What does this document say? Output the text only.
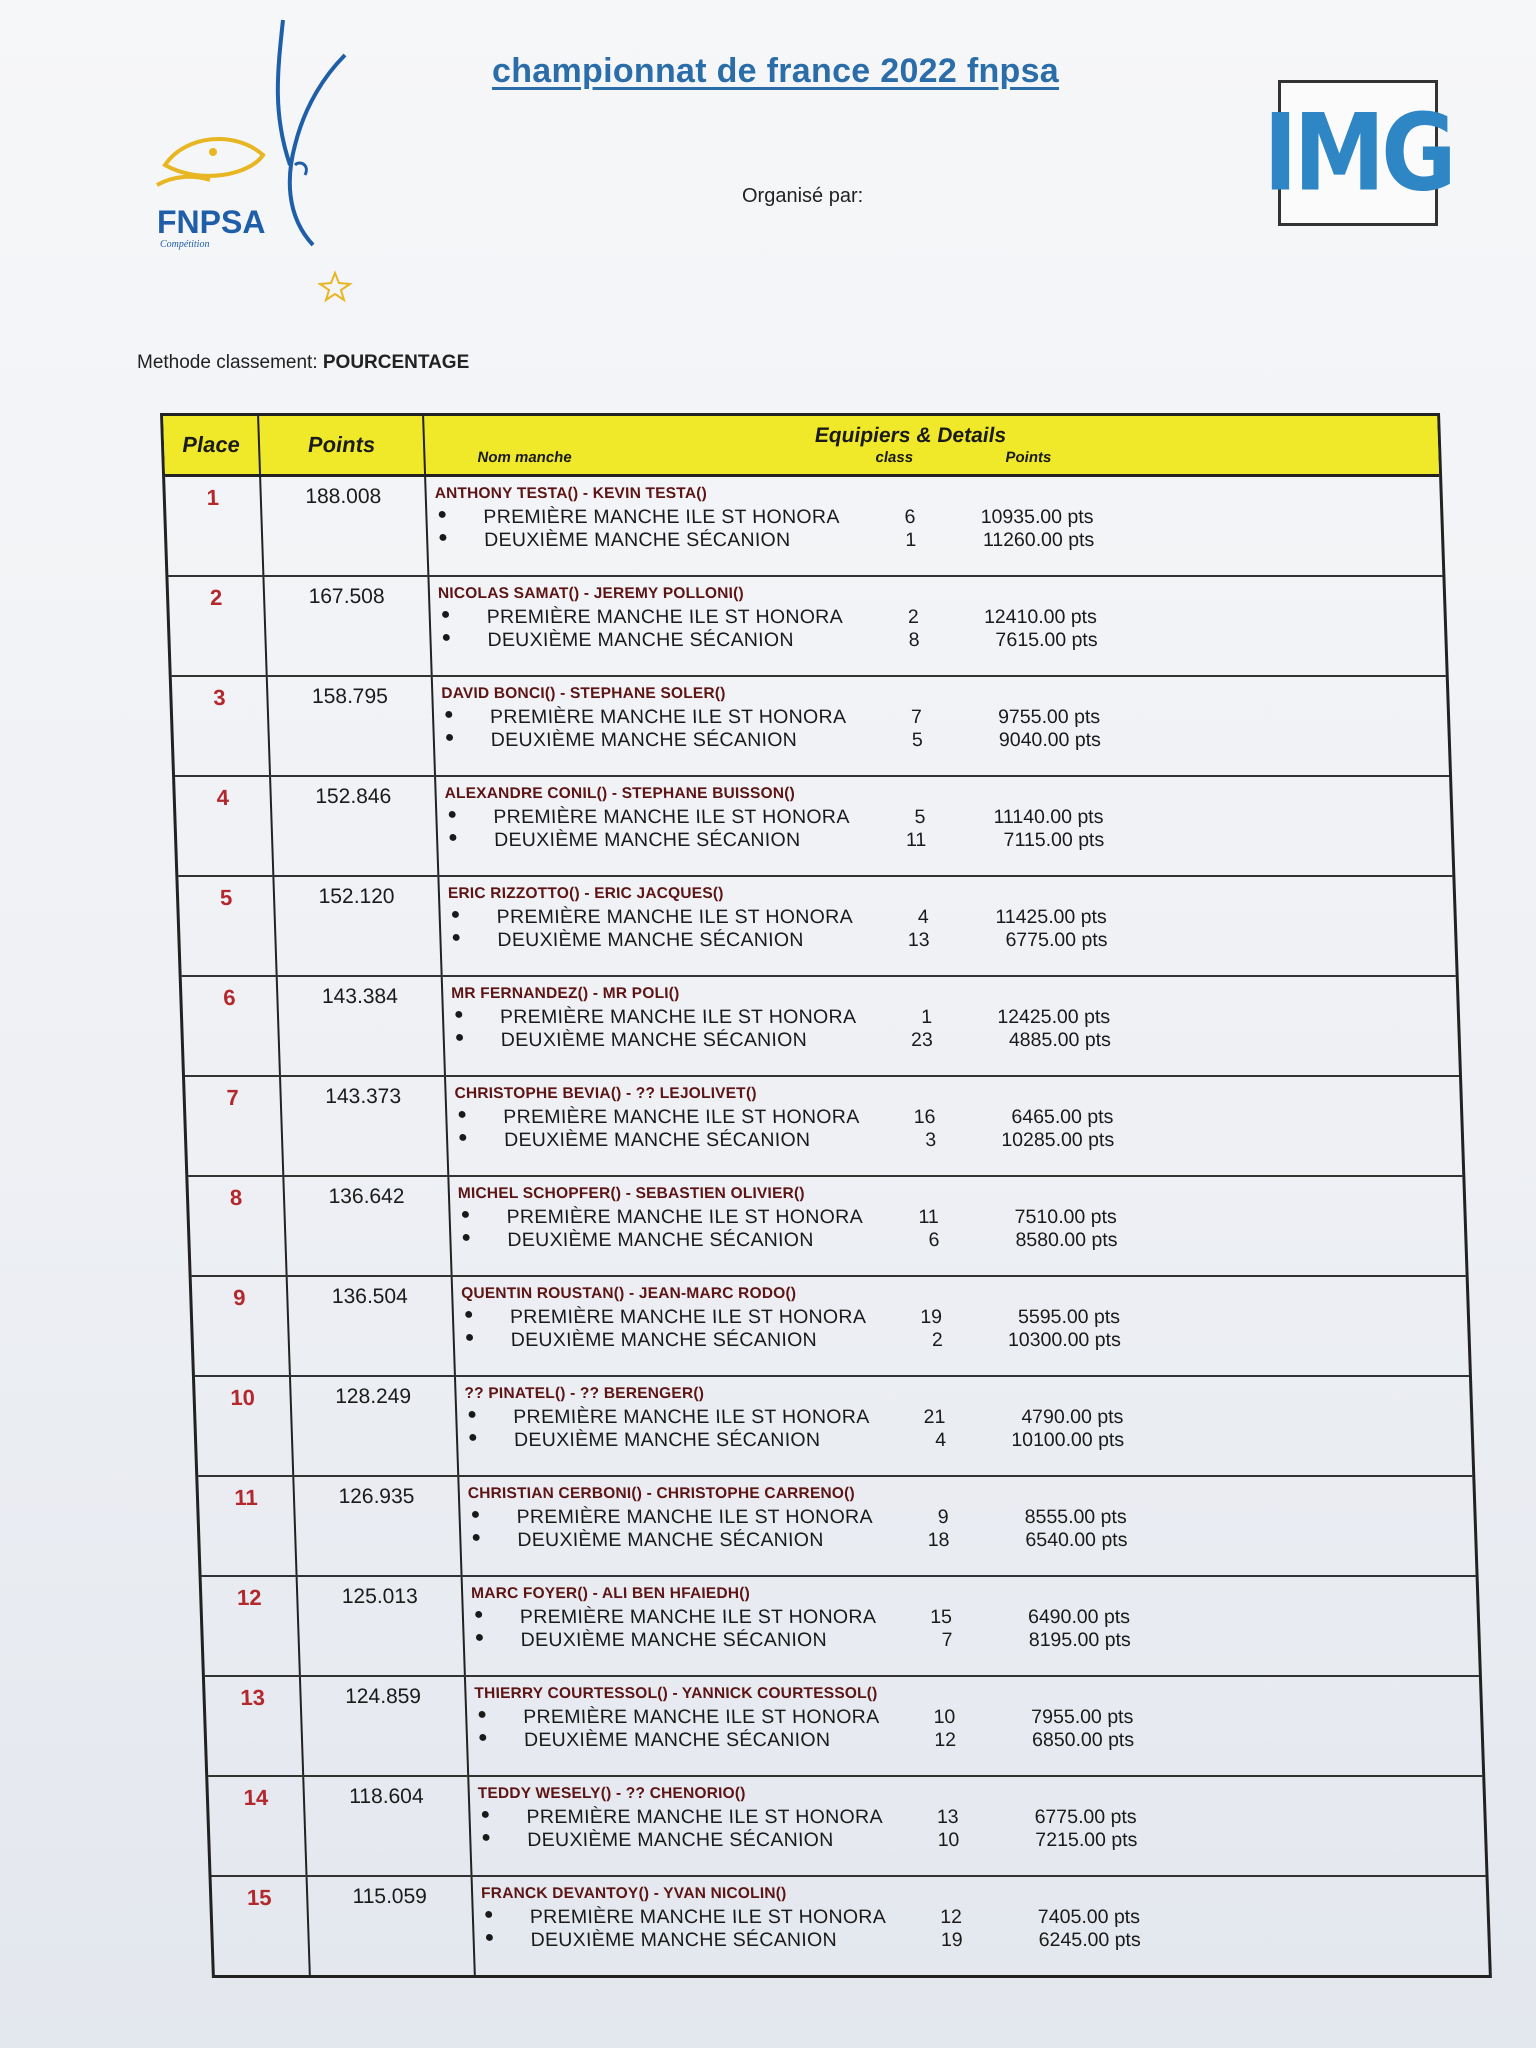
FNPSA
Compétition
championnat de france 2022 fnpsa
Organisé par:	IMG
Methode classement: POURCENTAGE
Place	Points	Equipiers & Details
Nom manche	class	Points
1	188.008	ANTHONY TESTA() - KEVIN TESTA()
● PREMIÈRE MANCHE ILE ST HONORA	6	10935.00 pts
● DEUXIÈME MANCHE SÉCANION	1	11260.00 pts
2	167.508	NICOLAS SAMAT() - JEREMY POLLONI()
● PREMIÈRE MANCHE ILE ST HONORA	2	12410.00 pts
● DEUXIÈME MANCHE SÉCANION	8	7615.00 pts
3	158.795	DAVID BONCI() - STEPHANE SOLER()
● PREMIÈRE MANCHE ILE ST HONORA	7	9755.00 pts
● DEUXIÈME MANCHE SÉCANION	5	9040.00 pts
4	152.846	ALEXANDRE CONIL() - STEPHANE BUISSON()
● PREMIÈRE MANCHE ILE ST HONORA	5	11140.00 pts
● DEUXIÈME MANCHE SÉCANION	11	7115.00 pts
5	152.120	ERIC RIZZOTTO() - ERIC JACQUES()
● PREMIÈRE MANCHE ILE ST HONORA	4	11425.00 pts
● DEUXIÈME MANCHE SÉCANION	13	6775.00 pts
6	143.384	MR FERNANDEZ() - MR POLI()
● PREMIÈRE MANCHE ILE ST HONORA	1	12425.00 pts
● DEUXIÈME MANCHE SÉCANION	23	4885.00 pts
7	143.373	CHRISTOPHE BEVIA() - ?? LEJOLIVET()
● PREMIÈRE MANCHE ILE ST HONORA	16	6465.00 pts
● DEUXIÈME MANCHE SÉCANION	3	10285.00 pts
8	136.642	MICHEL SCHOPFER() - SEBASTIEN OLIVIER()
● PREMIÈRE MANCHE ILE ST HONORA	11	7510.00 pts
● DEUXIÈME MANCHE SÉCANION	6	8580.00 pts
9	136.504	QUENTIN ROUSTAN() - JEAN-MARC RODO()
● PREMIÈRE MANCHE ILE ST HONORA	19	5595.00 pts
● DEUXIÈME MANCHE SÉCANION	2	10300.00 pts
10	128.249	?? PINATEL() - ?? BERENGER()
● PREMIÈRE MANCHE ILE ST HONORA	21	4790.00 pts
● DEUXIÈME MANCHE SÉCANION	4	10100.00 pts
11	126.935	CHRISTIAN CERBONI() - CHRISTOPHE CARRENO()
● PREMIÈRE MANCHE ILE ST HONORA	9	8555.00 pts
● DEUXIÈME MANCHE SÉCANION	18	6540.00 pts
12	125.013	MARC FOYER() - ALI BEN HFAIEDH()
● PREMIÈRE MANCHE ILE ST HONORA	15	6490.00 pts
● DEUXIÈME MANCHE SÉCANION	7	8195.00 pts
13	124.859	THIERRY COURTESSOL() - YANNICK COURTESSOL()
● PREMIÈRE MANCHE ILE ST HONORA	10	7955.00 pts
● DEUXIÈME MANCHE SÉCANION	12	6850.00 pts
14	118.604	TEDDY WESELY() - ?? CHENORIO()
● PREMIÈRE MANCHE ILE ST HONORA	13	6775.00 pts
● DEUXIÈME MANCHE SÉCANION	10	7215.00 pts
15	115.059	FRANCK DEVANTOY() - YVAN NICOLIN()
● PREMIÈRE MANCHE ILE ST HONORA	12	7405.00 pts
● DEUXIÈME MANCHE SÉCANION	19	6245.00 pts
